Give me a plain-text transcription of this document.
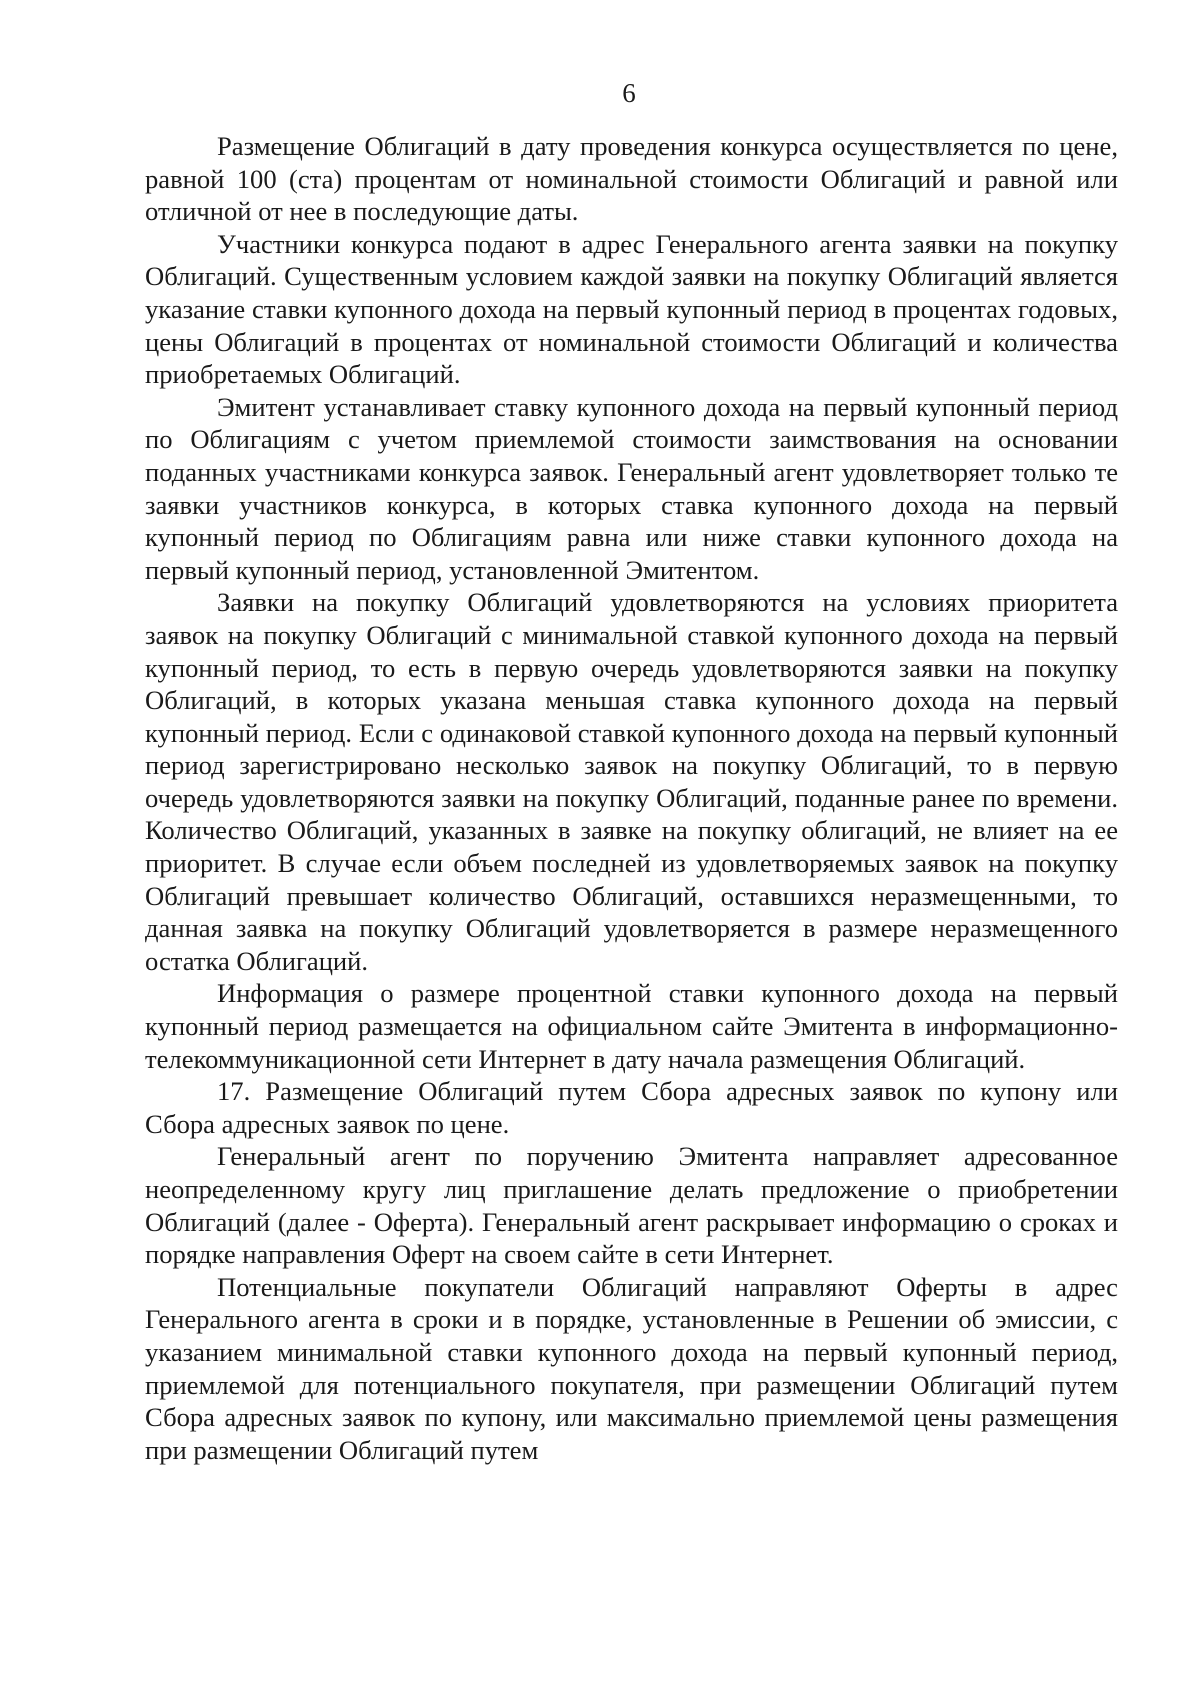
6

Размещение Облигаций в дату проведения конкурса осуществляется по цене, равной 100 (ста) процентам от номинальной стоимости Облигаций и равной или отличной от нее в последующие даты.

Участники конкурса подают в адрес Генерального агента заявки на покупку Облигаций. Существенным условием каждой заявки на покупку Облигаций является указание ставки купонного дохода на первый купонный период в процентах годовых, цены Облигаций в процентах от номинальной стоимости Облигаций и количества приобретаемых Облигаций.

Эмитент устанавливает ставку купонного дохода на первый купонный период по Облигациям с учетом приемлемой стоимости заимствования на основании поданных участниками конкурса заявок. Генеральный агент удовлетворяет только те заявки участников конкурса, в которых ставка купонного дохода на первый купонный период по Облигациям равна или ниже ставки купонного дохода на первый купонный период, установленной Эмитентом.

Заявки на покупку Облигаций удовлетворяются на условиях приоритета заявок на покупку Облигаций с минимальной ставкой купонного дохода на первый купонный период, то есть в первую очередь удовлетворяются заявки на покупку Облигаций, в которых указана меньшая ставка купонного дохода на первый купонный период. Если с одинаковой ставкой купонного дохода на первый купонный период зарегистрировано несколько заявок на покупку Облигаций, то в первую очередь удовлетворяются заявки на покупку Облигаций, поданные ранее по времени. Количество Облигаций, указанных в заявке на покупку облигаций, не влияет на ее приоритет. В случае если объем последней из удовлетворяемых заявок на покупку Облигаций превышает количество Облигаций, оставшихся неразмещенными, то данная заявка на покупку Облигаций удовлетворяется в размере неразмещенного остатка Облигаций.

Информация о размере процентной ставки купонного дохода на первый купонный период размещается на официальном сайте Эмитента в информационно-телекоммуникационной сети Интернет в дату начала размещения Облигаций.

17. Размещение Облигаций путем Сбора адресных заявок по купону или Сбора адресных заявок по цене.

Генеральный агент по поручению Эмитента направляет адресованное неопределенному кругу лиц приглашение делать предложение о приобретении Облигаций (далее - Оферта). Генеральный агент раскрывает информацию о сроках и порядке направления Оферт на своем сайте в сети Интернет.

Потенциальные покупатели Облигаций направляют Оферты в адрес Генерального агента в сроки и в порядке, установленные в Решении об эмиссии, с указанием минимальной ставки купонного дохода на первый купонный период, приемлемой для потенциального покупателя, при размещении Облигаций путем Сбора адресных заявок по купону, или максимально приемлемой цены размещения при размещении Облигаций путем
